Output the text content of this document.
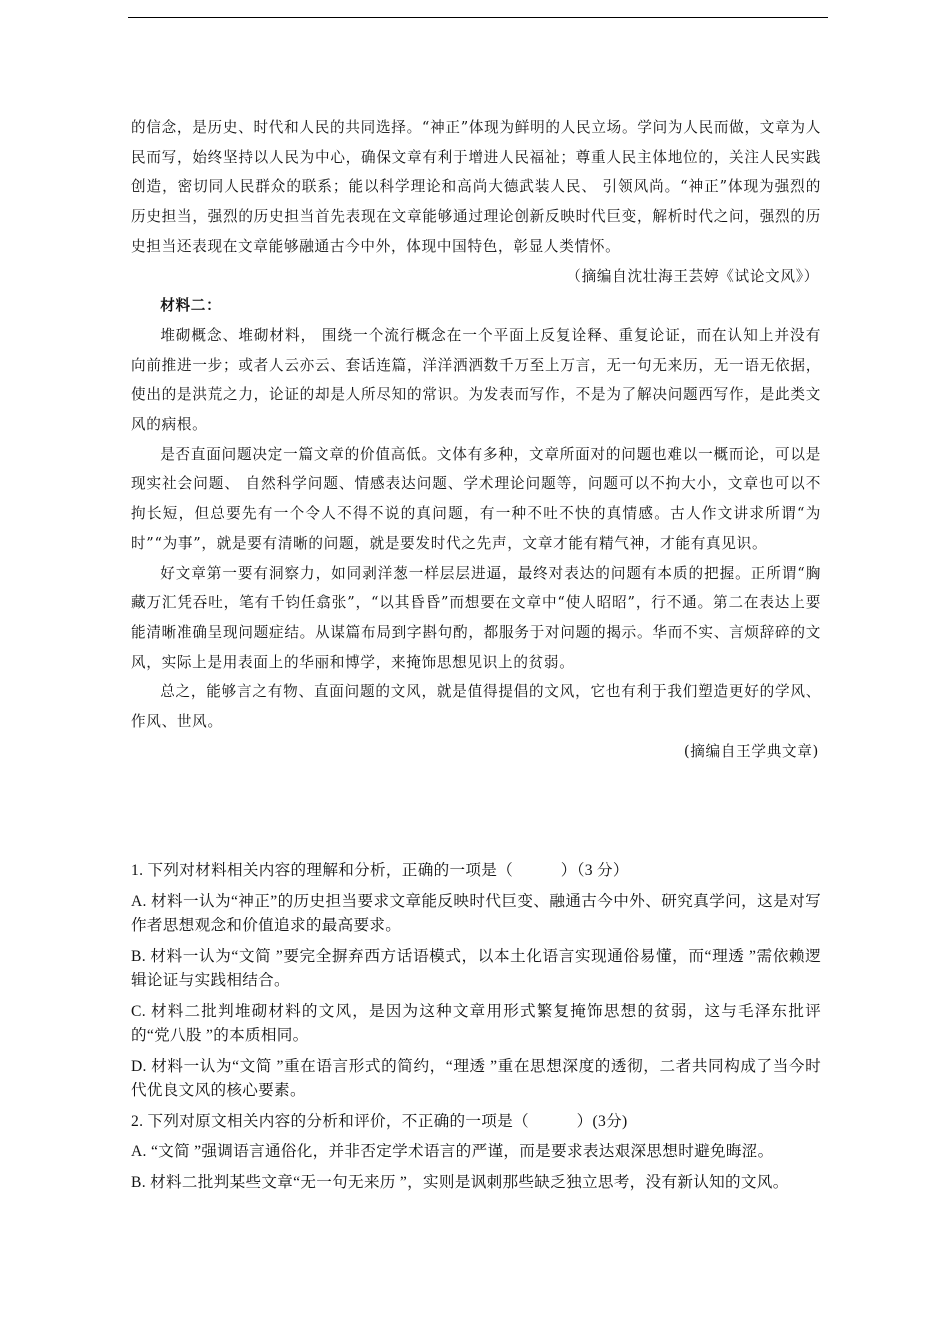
的信念，是历史、时代和人民的共同选择。“神正”体现为鲜明的人民立场。学问为人民而做，文章为人民而写，始终坚持以人民为中心，确保文章有利于增进人民福祉；尊重人民主体地位的，关注人民实践创造，密切同人民群众的联系；能以科学理论和高尚大德武装人民、 引领风尚。“神正”体现为强烈的历史担当，强烈的历史担当首先表现在文章能够通过理论创新反映时代巨变，解析时代之问，强烈的历史担当还表现在文章能够融通古今中外，体现中国特色，彰显人类情怀。

（摘编自沈壮海王芸婷《试论文风》）

材料二：

堆砌概念、堆砌材料， 围绕一个流行概念在一个平面上反复诠释、重复论证，而在认知上并没有向前推进一步；或者人云亦云、套话连篇，洋洋洒洒数千万至上万言，无一句无来历，无一语无依据，使出的是洪荒之力，论证的却是人所尽知的常识。为发表而写作，不是为了解决问题西写作，是此类文风的病根。

是否直面问题决定一篇文章的价值高低。文体有多种，文章所面对的问题也难以一概而论，可以是现实社会问题、 自然科学问题、情感表达问题、学术理论问题等，问题可以不拘大小，文章也可以不拘长短，但总要先有一个令人不得不说的真问题，有一种不吐不快的真情感。古人作文讲求所谓“为时”“为事”，就是要有清晰的问题，就是要发时代之先声，文章才能有精气神，才能有真见识。

好文章第一要有洞察力，如同剥洋葱一样层层进逼，最终对表达的问题有本质的把握。正所谓“胸藏万汇凭吞吐，笔有千钧任翕张”，“以其昏昏”而想要在文章中“使人昭昭”，行不通。第二在表达上要能清晰准确呈现问题症结。从谋篇布局到字斟句酌，都服务于对问题的揭示。华而不实、言烦辞碎的文风，实际上是用表面上的华丽和博学，来掩饰思想见识上的贫弱。

总之，能够言之有物、直面问题的文风，就是值得提倡的文风，它也有利于我们塑造更好的学风、作风、世风。

(摘编自王学典文章)

1. 下列对材料相关内容的理解和分析，正确的一项是（　　　）（3 分）

A. 材料一认为“神正”的历史担当要求文章能反映时代巨变、融通古今中外、研究真学问，这是对写作者思想观念和价值追求的最高要求。

B. 材料一认为“文简 ”要完全摒弃西方话语模式，以本土化语言实现通俗易懂，而“理透 ”需依赖逻辑论证与实践相结合。

C. 材料二批判堆砌材料的文风，是因为这种文章用形式繁复掩饰思想的贫弱，这与毛泽东批评的“党八股 ”的本质相同。

D. 材料一认为“文简 ”重在语言形式的简约，“理透 ”重在思想深度的透彻，二者共同构成了当今时代优良文风的核心要素。

2. 下列对原文相关内容的分析和评价，不正确的一项是（　　　）(3分)

A. “文简 ”强调语言通俗化，并非否定学术语言的严谨，而是要求表达艰深思想时避免晦涩。

B. 材料二批判某些文章“无一句无来历 ”，实则是讽刺那些缺乏独立思考，没有新认知的文风。
